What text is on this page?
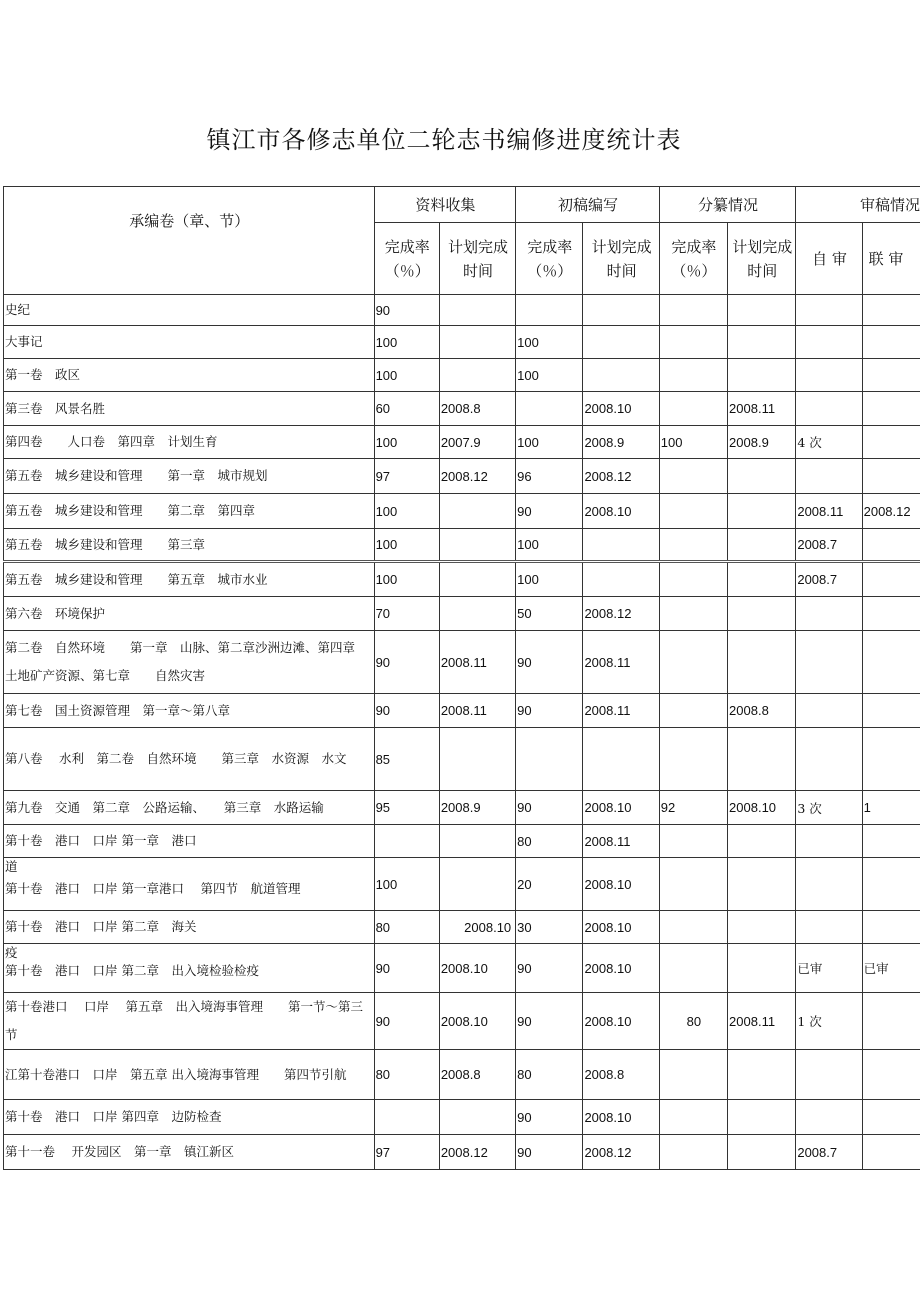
镇江市各修志单位二轮志书编修进度统计表
承编卷（章、节）	资料收集		初稿编写		分纂情况		审稿情况	
	完成率（％）	计划完成时间	完成率（％）	计划完成时间	完成率（％）	计划完成时间	自 审	联 审
史纪	90							
大事记	100		100					
第一卷　政区	100		100					
第三卷　风景名胜	60	2008.8		2008.10		2008.11		
第四卷　　人口卷　第四章　计划生育	100	2007.9	100	2008.9	100	2008.9	4 次	
第五卷　城乡建设和管理　　第一章　城市规划	97	2008.12	96	2008.12				
第五卷　城乡建设和管理　　第二章　第四章	100		90	2008.10			2008.11	2008.12
第五卷　城乡建设和管理　　第三章	100		100				2008.7	
第五卷　城乡建设和管理　　第五章　城市水业	100		100				2008.7	
第六卷　环境保护	70		50	2008.12				
第二卷　自然环境　　第一章　山脉、第二章沙洲边滩、第四章　土地矿产资源、第七章　　自然灾害	90	2008.11	90	2008.11				
第七卷　国土资源管理　第一章～第八章	90	2008.11	90	2008.11		2008.8		
第八卷　 水利　第二卷　自然环境　　第三章　水资源　水文	85							
第九卷　交通　第二章　公路运输、　　第三章　水路运输	95	2008.9	90	2008.10	92	2008.10	3 次	1
第十卷　港口　口岸 第一章　港口			80	2008.11				

道
第十卷　港口　口岸 第一章港口　 第四节　航道管理	100		20	2008.10				
第十卷　港口　口岸 第二章　海关	80	2008.10	30	2008.10				

疫
第十卷　港口　口岸 第二章　出入境检验检疫	90	2008.10	90	2008.10			已审	已审
第十卷港口　 口岸　 第五章　出入境海事管理　　第一节～第三节	90	2008.10	90	2008.10	80	2008.11	1 次	
江第十卷港口　口岸　第五章 出入境海事管理　　第四节引航	80	2008.8	80	2008.8				
第十卷　港口　口岸 第四章　边防检查			90	2008.10				
第十一卷　 开发园区　第一章　镇江新区	97	2008.12	90	2008.12			2008.7	
